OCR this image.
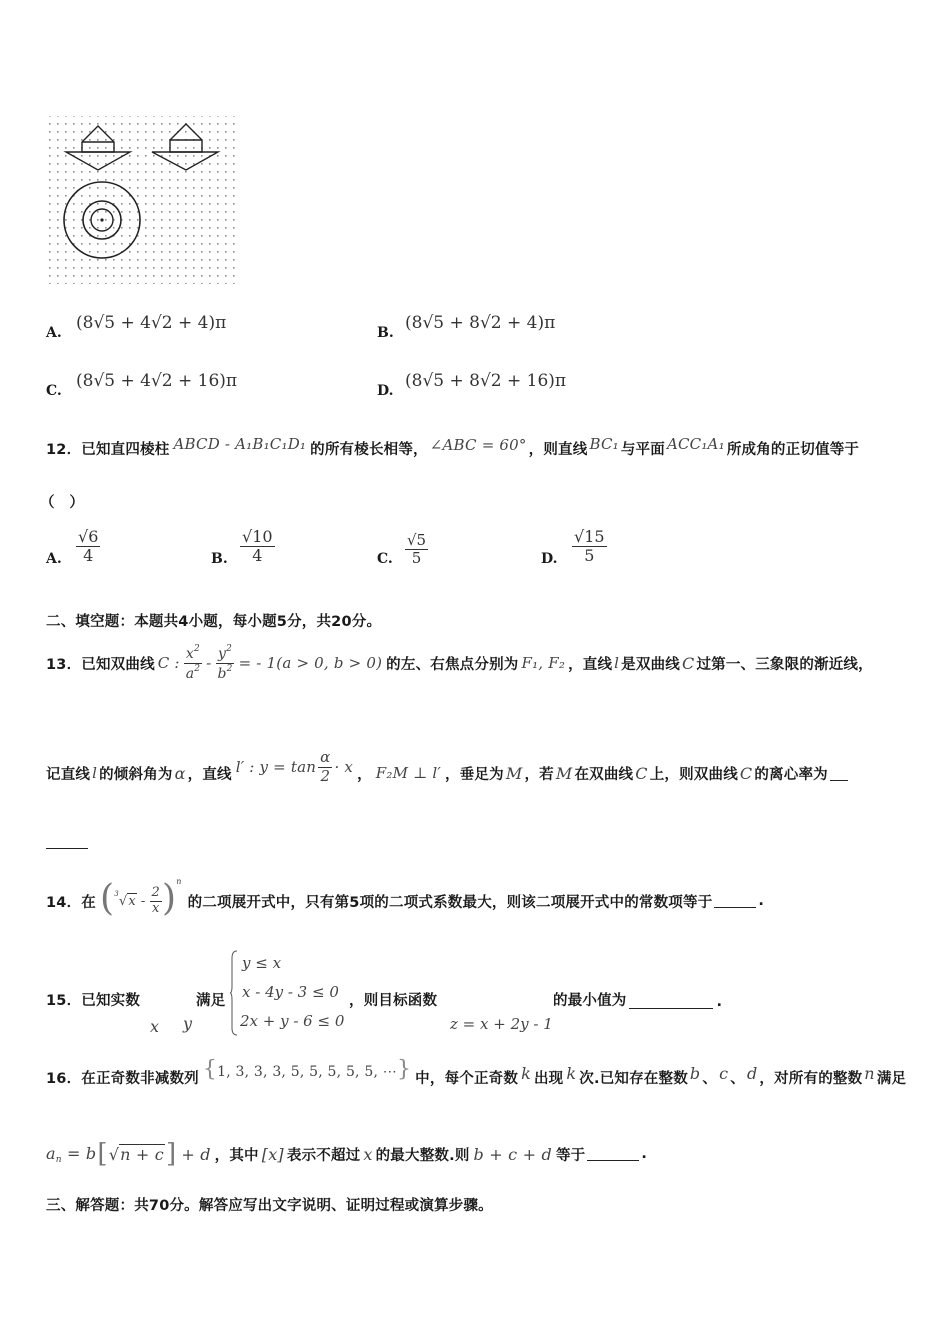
A. (8√5 + 4√2 + 4)π	B. (8√5 + 8√2 + 4)π
C. (8√5 + 4√2 + 16)π	D. (8√5 + 8√2 + 16)π
12．已知直四棱柱 ABCD - A₁B₁C₁D₁ 的所有棱长相等， ∠ABC = 60° ，则直线 BC₁ 与平面 ACC₁A₁ 所成角的正切值等于
（　）
A. $\frac{√6}{4}$	B. $\frac{√10}{4}$	C. $\frac{√5}{5}$	D. $\frac{√15}{5}$
二、填空题：本题共4小题，每小题5分，共20分。
13．已知双曲线 C : $\frac{x^2}{a^2} - \frac{y^2}{b^2}$ = - 1(a > 0, b > 0) 的左、右焦点分别为 F₁, F₂ ，直线 l 是双曲线 C 过第一、三象限的渐近线，
记直线 l 的倾斜角为 α ，直线 l′ : $y = \tan \frac{\alpha}{2} \cdot x$ ， F₂M ⊥ l′ ，垂足为 M ，若 M 在双曲线 C 上，则双曲线 C 的离心率为
14．在 ( 3 √ x - $\frac{2}{x}$ ) n
的二项展开式中，只有第5项的二项式系数最大，则该二项展开式中的常数项等于	.
15．已知实数
x y
满足
y ≤ x
x - 4y - 3 ≤ 0
2x + y - 6 ≤ 0
，则目标函数
z = x + 2y - 1
的最小值为	.
16．在正奇数非减数列 {1, 3, 3, 3, 5, 5, 5, 5, 5, ⋯} 中，每个正奇数 k 出现 k 次.已知存在整数 b 、 c 、 d ，对所有的整数 n 满足
$a_n = b$ [ √ n + c ] + d ，其中 [x] 表示不超过 x 的最大整数.则 b + c + d 等于	.
三、解答题：共70分。解答应写出文字说明、证明过程或演算步骤。
